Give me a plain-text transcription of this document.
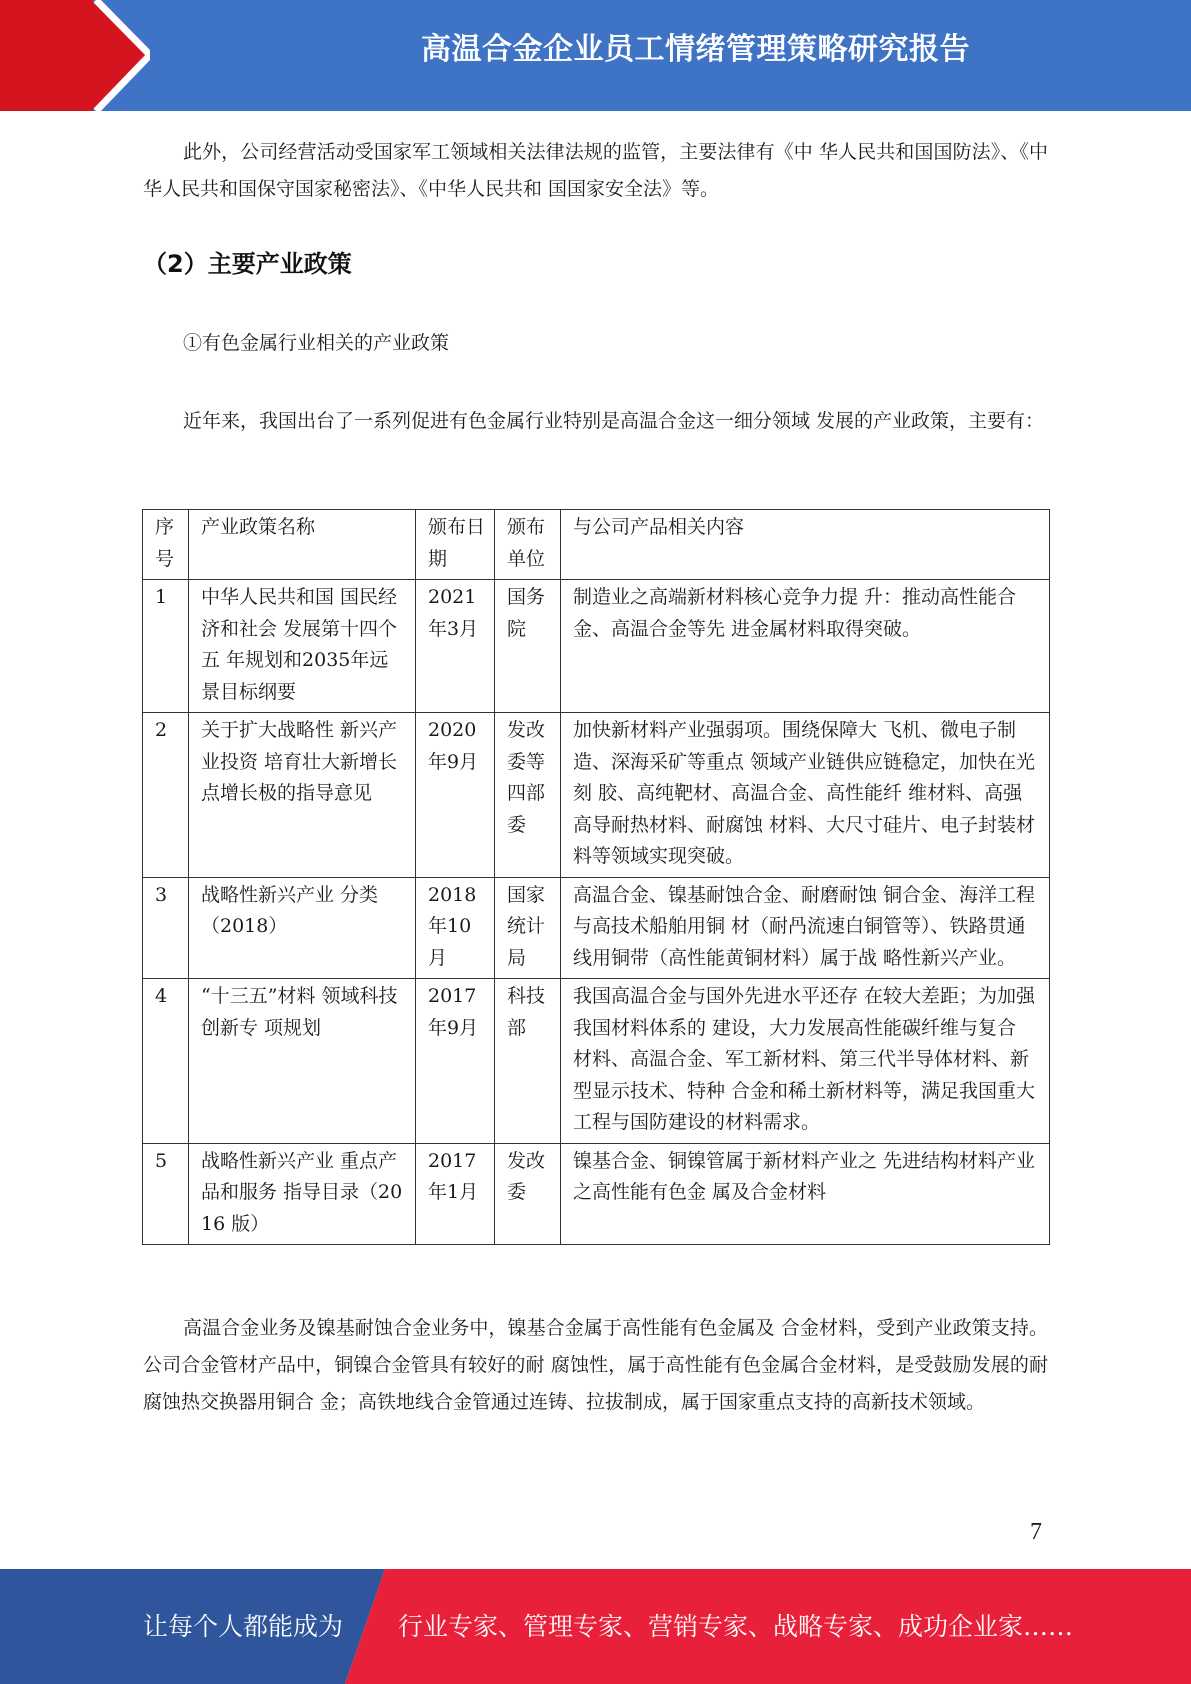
高温合金企业员工情绪管理策略研究报告

此外，公司经营活动受国家军工领域相关法律法规的监管，主要法律有《中 华人民共和国国防法》、《中华人民共和国保守国家秘密法》、《中华人民共和 国国家安全法》等。

（2）主要产业政策
①有色金属行业相关的产业政策

近年来，我国出台了一系列促进有色金属行业特别是高温合金这一细分领域 发展的产业政策，主要有：

序号	产业政策名称	颁布日期	颁布单位	与公司产品相关内容
1	中华人民共和国 国民经济和社会 发展第十四个五 年规划和2035年远景目标纲要	2021年3月	国务院	制造业之高端新材料核心竞争力提 升：推动高性能合金、高温合金等先 进金属材料取得突破。
2	关于扩大战略性 新兴产业投资 培育壮大新增长 点增长极的指导意见	2020年9月	发改委等四部委	加快新材料产业强弱项。围绕保障大 飞机、微电子制造、深海采矿等重点 领域产业链供应链稳定，加快在光刻 胶、高纯靶材、高温合金、高性能纤 维材料、高强高导耐热材料、耐腐蚀 材料、大尺寸硅片、电子封装材料等领域实现突破。
3	战略性新兴产业 分类（2018）	2018年10月	国家统计局	高温合金、镍基耐蚀合金、耐磨耐蚀 铜合金、海洋工程与高技术船舶用铜 材（耐冎流速白铜管等）、铁路贯通 线用铜带（高性能黄铜材料）属于战 略性新兴产业。
4	“十三五”材料 领域科技创新专 项规划	2017年9月	科技部	我国高温合金与国外先进水平还存 在较大差距；为加强我国材料体系的 建设，大力发展高性能碳纤维与复合 材料、高温合金、军工新材料、第三代半导体材料、新型显示技术、特种 合金和稀土新材料等，满足我国重大 工程与国防建设的材料需求。
5	战略性新兴产业 重点产品和服务 指导目录（2016 版）	2017年1月	发改委	镍基合金、铜镍管属于新材料产业之 先进结构材料产业之高性能有色金 属及合金材料

高温合金业务及镍基耐蚀合金业务中，镍基合金属于高性能有色金属及 合金材料，受到产业政策支持。公司合金管材产品中，铜镍合金管具有较好的耐 腐蚀性，属于高性能有色金属合金材料，是受鼓励发展的耐腐蚀热交换器用铜合 金；高铁地线合金管通过连铸、拉拔制成，属于国家重点支持的高新技术领域。

7
让每个人都能成为 行业专家、管理专家、营销专家、战略专家、成功企业家……
